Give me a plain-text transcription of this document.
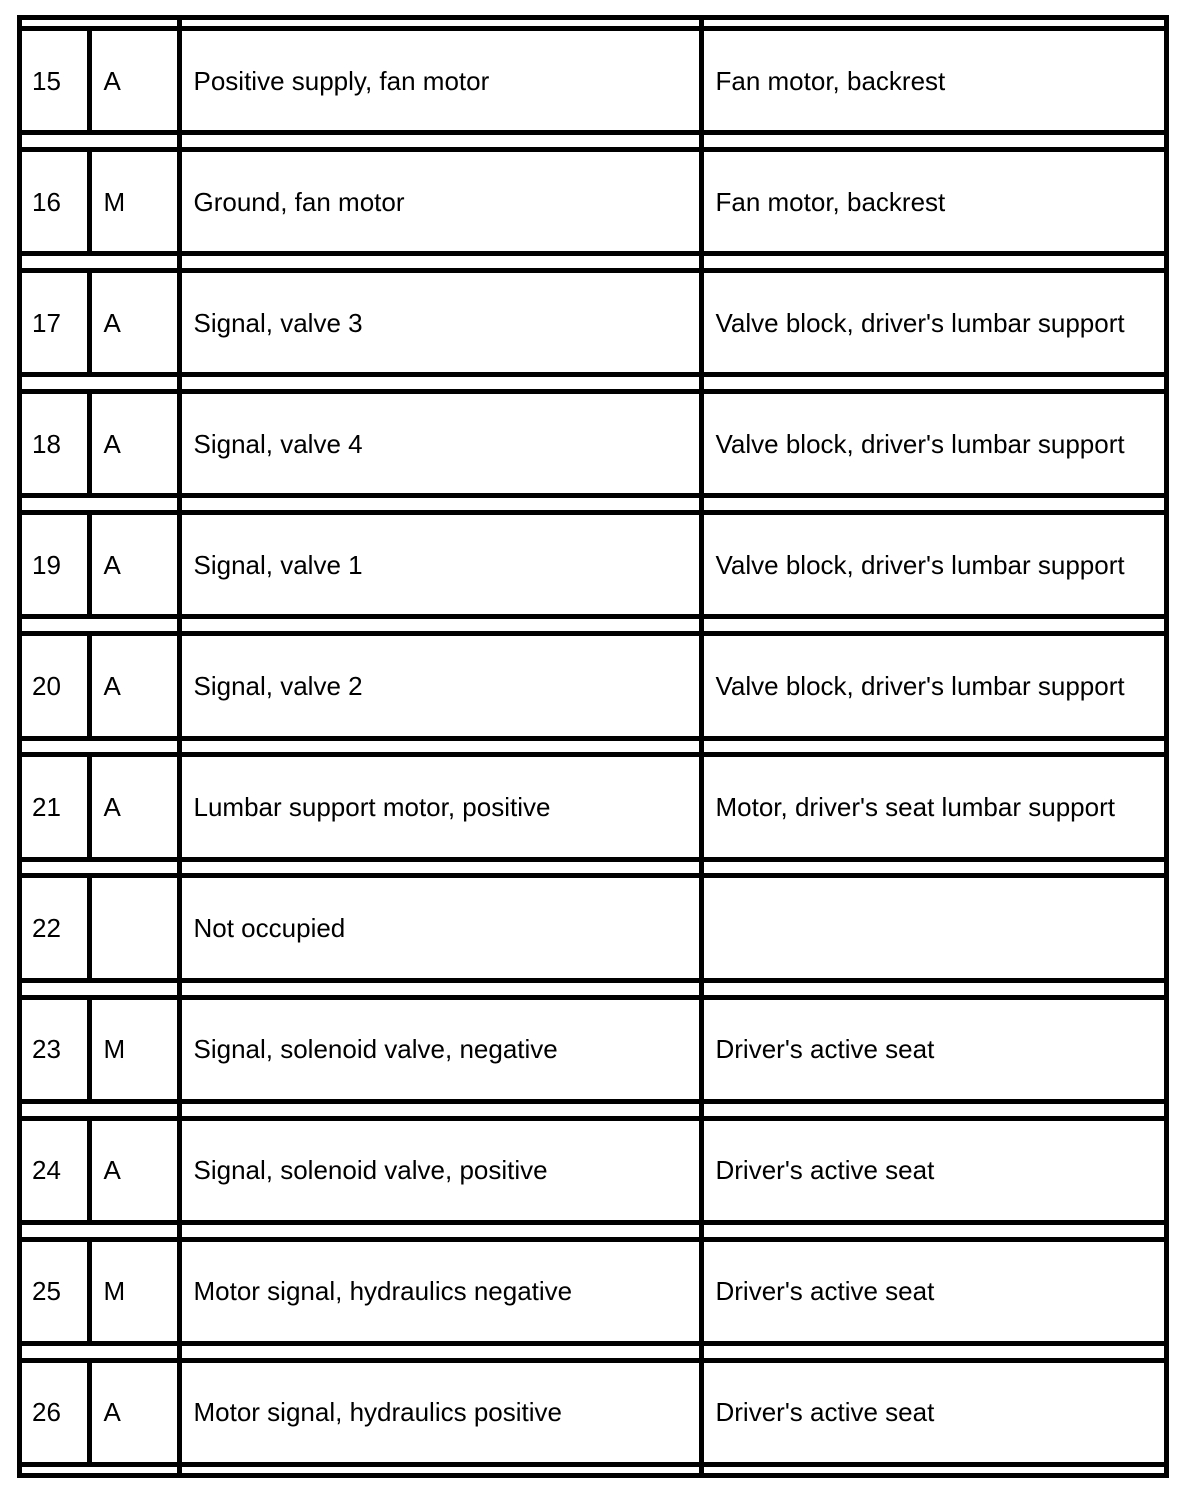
15	A	Positive supply, fan motor	Fan motor, backrest

16	M	Ground, fan motor	Fan motor, backrest

17	A	Signal, valve 3	Valve block, driver's lumbar support

18	A	Signal, valve 4	Valve block, driver's lumbar support

19	A	Signal, valve 1	Valve block, driver's lumbar support

20	A	Signal, valve 2	Valve block, driver's lumbar support

21	A	Lumbar support motor, positive	Motor, driver's seat lumbar support

22		Not occupied	

23	M	Signal, solenoid valve, negative	Driver's active seat

24	A	Signal, solenoid valve, positive	Driver's active seat

25	M	Motor signal, hydraulics negative	Driver's active seat

26	A	Motor signal, hydraulics positive	Driver's active seat
